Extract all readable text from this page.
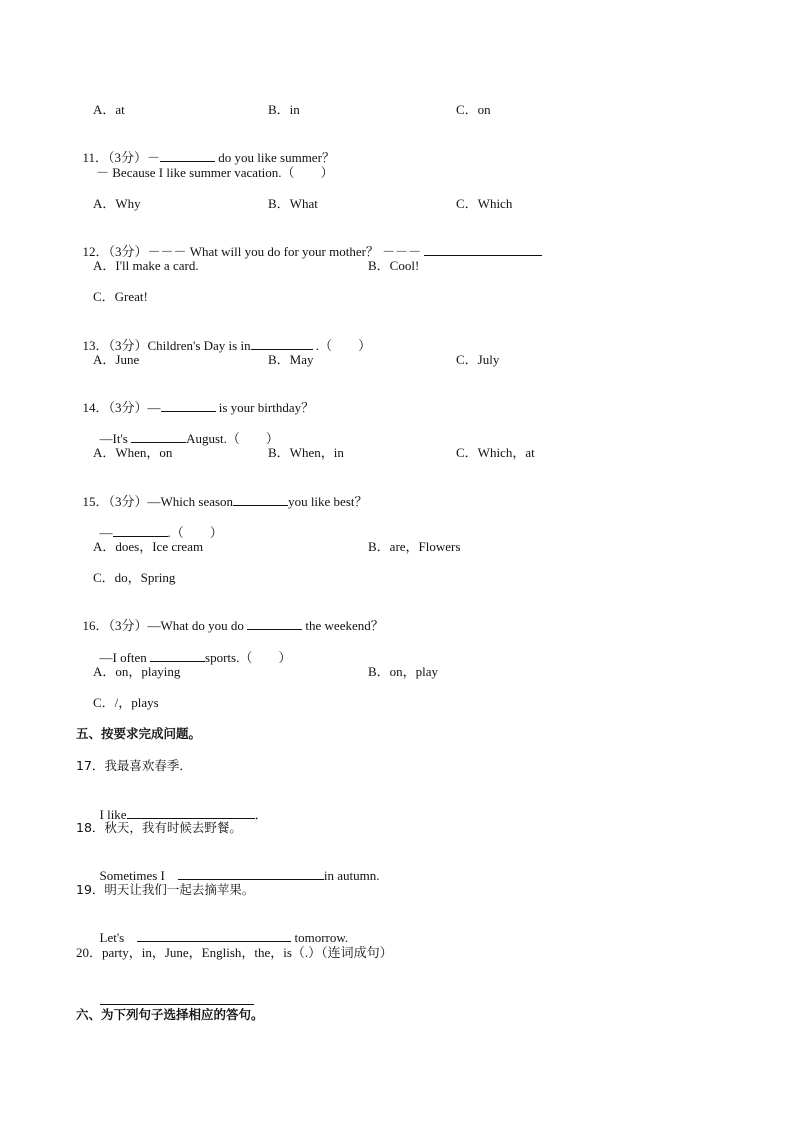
A．at	B．in	C．on

11．（3分）－	do you like summer？

－ Because I like summer vacation.（　　）
A．Why	B．What	C．Which

12．（3分）－－－ What will you do for your mother？ －－－

A．I'll make a card.	B．Cool!
C．Great!

13．（3分）Children's Day is in	.（　　）

A．June	B．May	C．July

14．（3分）—	is your birthday？

—It's	August.（　　）

A．When，on	B．When，in	C．Which，at

15．（3分）—Which season	you like best？

—	.（　　）

A．does，Ice cream	B．are，Flowers
C．do，Spring

16．（3分）—What do you do	the weekend？

—I often	sports.（　　）

A．on，playing	B．on，play
C．/，plays
五、按要求完成问题。
17．我最喜欢春季．

I like	．

18．秋天，我有时候去野餐。

Sometimes I　	in autumn.

19．明天让我们一起去摘苹果。

Let's　	tomorrow.

20．party，in，June，English，the，is（.）（连词成句）

六、为下列句子选择相应的答句。
